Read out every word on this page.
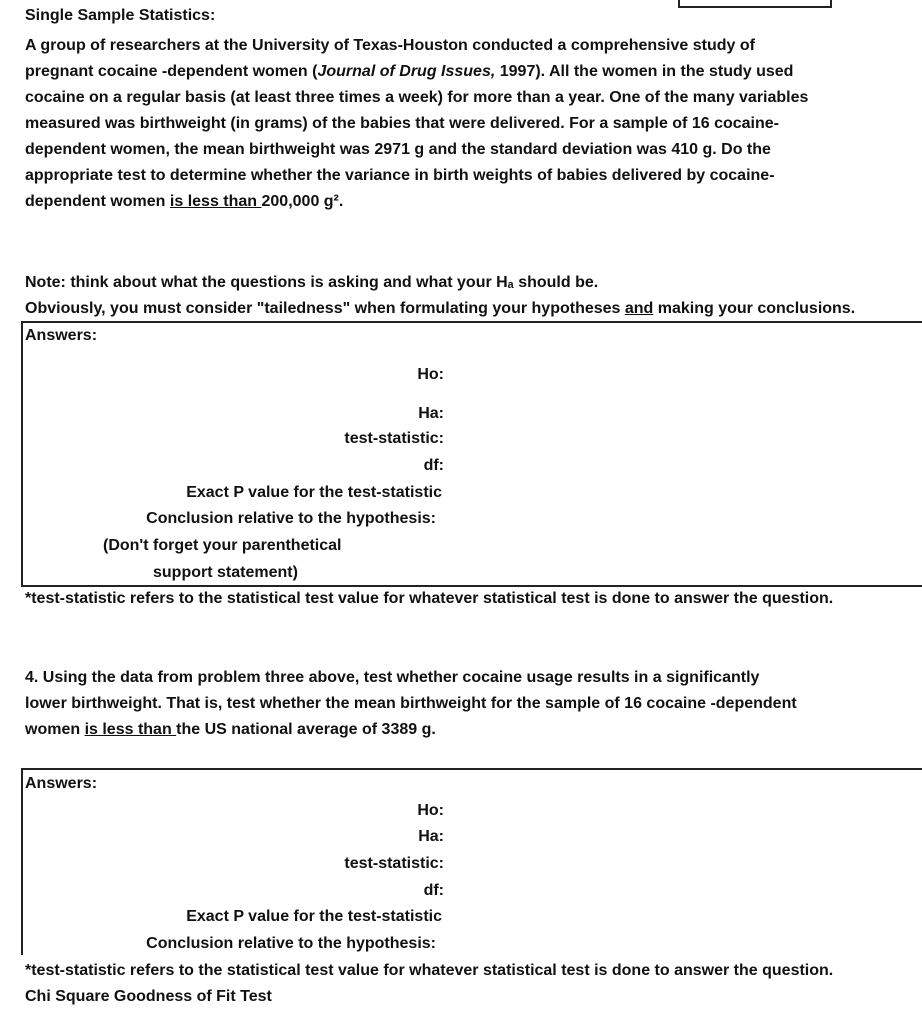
Single Sample Statistics:
A group of researchers at the University of Texas-Houston conducted a comprehensive study of
pregnant cocaine -dependent women (Journal of Drug Issues, 1997). All the women in the study used
cocaine on a regular basis (at least three times a week) for more than a year. One of the many variables
measured was birthweight (in grams) of the babies that were delivered. For a sample of 16 cocaine-
dependent women, the mean birthweight was 2971 g and the standard deviation was 410 g. Do the
appropriate test to determine whether the variance in birth weights of babies delivered by cocaine-
dependent women is less than 200,000 g².
Note: think about what the questions is asking and what your Hₐ should be.
Obviously, you must consider "tailedness" when formulating your hypotheses and making your conclusions.
Answers:
Ho:
Ha:
test-statistic:
df:
Exact P value for the test-statistic
Conclusion relative to the hypothesis:
(Don't forget your parenthetical
support statement)
*test-statistic refers to the statistical test value for whatever statistical test is done to answer the question.
4. Using the data from problem three above, test whether cocaine usage results in a significantly
lower birthweight. That is, test whether the mean birthweight for the sample of 16 cocaine -dependent
women is less than the US national average of 3389 g.
Answers:
Ho:
Ha:
test-statistic:
df:
Exact P value for the test-statistic
Conclusion relative to the hypothesis:
*test-statistic refers to the statistical test value for whatever statistical test is done to answer the question.
Chi Square Goodness of Fit Test
